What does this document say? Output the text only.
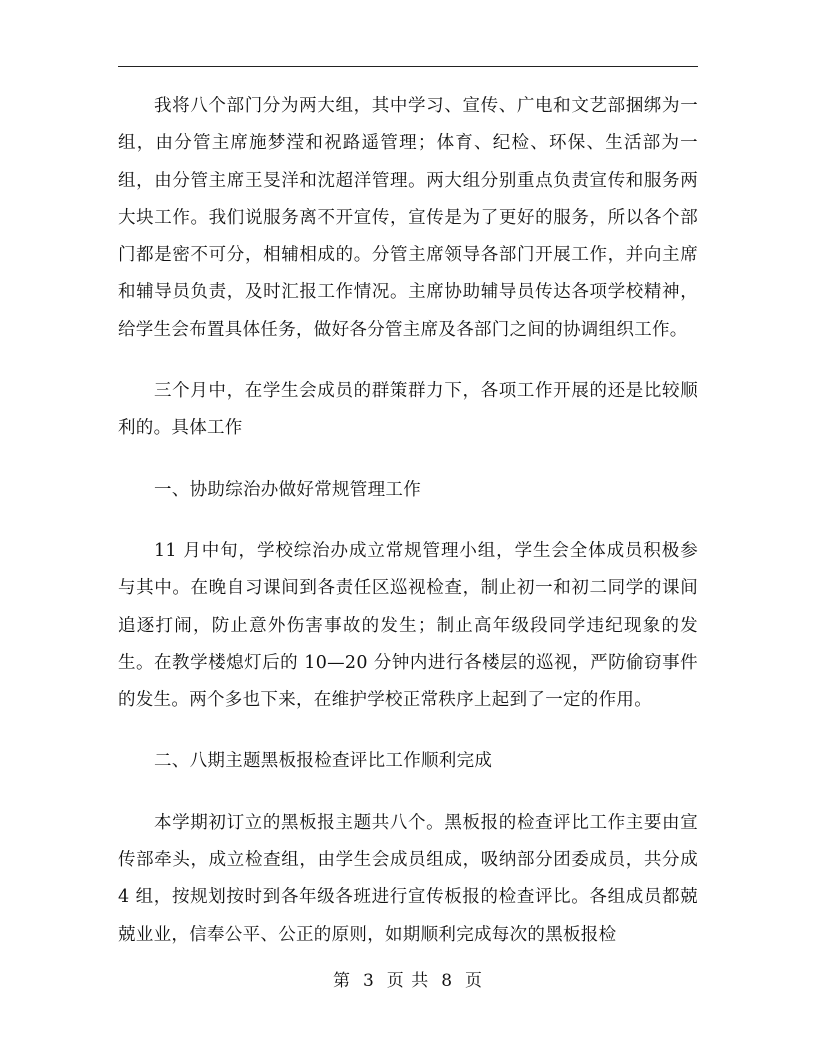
我将八个部门分为两大组，其中学习、宣传、广电和文艺部捆绑为一组，由分管主席施梦滢和祝路遥管理；体育、纪检、环保、生活部为一组，由分管主席王旻洋和沈超洋管理。两大组分别重点负责宣传和服务两大块工作。我们说服务离不开宣传，宣传是为了更好的服务，所以各个部门都是密不可分，相辅相成的。分管主席领导各部门开展工作，并向主席和辅导员负责，及时汇报工作情况。主席协助辅导员传达各项学校精神，给学生会布置具体任务，做好各分管主席及各部门之间的协调组织工作。

三个月中，在学生会成员的群策群力下，各项工作开展的还是比较顺利的。具体工作

一、协助综治办做好常规管理工作

11 月中旬，学校综治办成立常规管理小组，学生会全体成员积极参与其中。在晚自习课间到各责任区巡视检查，制止初一和初二同学的课间追逐打闹，防止意外伤害事故的发生；制止高年级段同学违纪现象的发生。在教学楼熄灯后的 10—20 分钟内进行各楼层的巡视，严防偷窃事件的发生。两个多也下来，在维护学校正常秩序上起到了一定的作用。

二、八期主题黑板报检查评比工作顺利完成

本学期初订立的黑板报主题共八个。黑板报的检查评比工作主要由宣传部牵头，成立检查组，由学生会成员组成，吸纳部分团委成员，共分成 4 组，按规划按时到各年级各班进行宣传板报的检查评比。各组成员都兢兢业业，信奉公平、公正的原则，如期顺利完成每次的黑板报检

第 3 页 共 8 页
